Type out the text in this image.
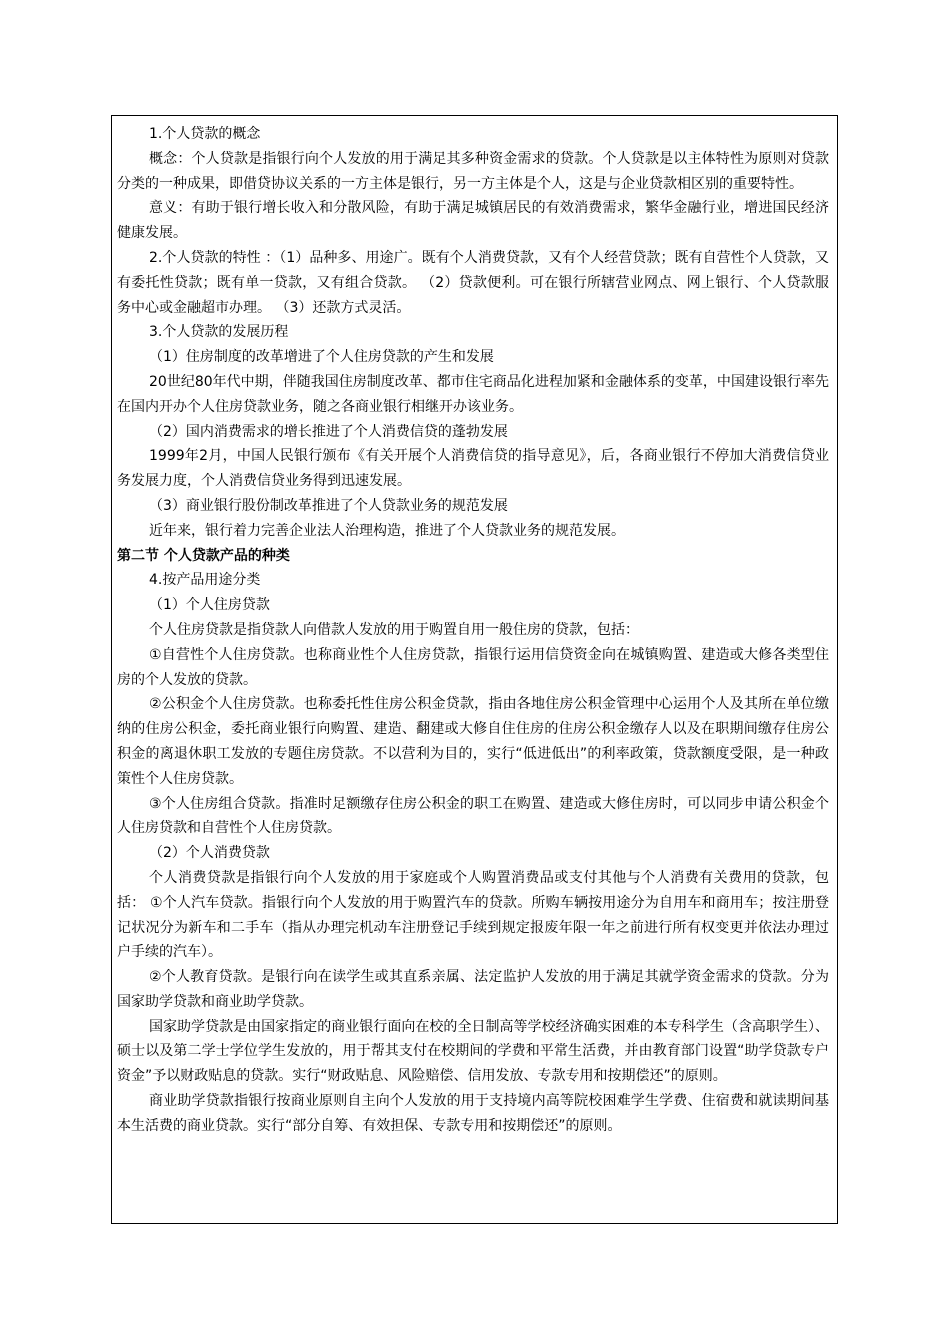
1.个人贷款的概念

概念：个人贷款是指银行向个人发放的用于满足其多种资金需求的贷款。个人贷款是以主体特性为原则对贷款分类的一种成果，即借贷协议关系的一方主体是银行，另一方主体是个人，这是与企业贷款相区别的重要特性。

意义：有助于银行增长收入和分散风险，有助于满足城镇居民的有效消费需求，繁华金融行业，增进国民经济健康发展。

2.个人贷款的特性 ：（1）品种多、用途广。既有个人消费贷款，又有个人经营贷款；既有自营性个人贷款，又有委托性贷款；既有单一贷款，又有组合贷款。 （2）贷款便利。可在银行所辖营业网点、网上银行、个人贷款服务中心或金融超市办理。 （3）还款方式灵活。

3.个人贷款的发展历程

（1）住房制度的改革增进了个人住房贷款的产生和发展

20世纪80年代中期，伴随我国住房制度改革、都市住宅商品化进程加紧和金融体系的变革，中国建设银行率先在国内开办个人住房贷款业务，随之各商业银行相继开办该业务。

（2）国内消费需求的增长推进了个人消费信贷的蓬勃发展

1999年2月，中国人民银行颁布《有关开展个人消费信贷的指导意见》，后，各商业银行不停加大消费信贷业务发展力度，个人消费信贷业务得到迅速发展。

（3）商业银行股份制改革推进了个人贷款业务的规范发展

近年来，银行着力完善企业法人治理构造，推进了个人贷款业务的规范发展。

第二节 个人贷款产品的种类

4.按产品用途分类

（1）个人住房贷款

个人住房贷款是指贷款人向借款人发放的用于购置自用一般住房的贷款，包括：

①自营性个人住房贷款。也称商业性个人住房贷款，指银行运用信贷资金向在城镇购置、建造或大修各类型住房的个人发放的贷款。

②公积金个人住房贷款。也称委托性住房公积金贷款，指由各地住房公积金管理中心运用个人及其所在单位缴纳的住房公积金，委托商业银行向购置、建造、翻建或大修自住住房的住房公积金缴存人以及在职期间缴存住房公积金的离退休职工发放的专题住房贷款。不以营利为目的，实行“低进低出”的利率政策，贷款额度受限，是一种政策性个人住房贷款。

③个人住房组合贷款。指准时足额缴存住房公积金的职工在购置、建造或大修住房时，可以同步申请公积金个人住房贷款和自营性个人住房贷款。

（2）个人消费贷款

个人消费贷款是指银行向个人发放的用于家庭或个人购置消费品或支付其他与个人消费有关费用的贷款，包括： ①个人汽车贷款。指银行向个人发放的用于购置汽车的贷款。所购车辆按用途分为自用车和商用车；按注册登记状况分为新车和二手车（指从办理完机动车注册登记手续到规定报废年限一年之前进行所有权变更并依法办理过户手续的汽车）。

②个人教育贷款。是银行向在读学生或其直系亲属、法定监护人发放的用于满足其就学资金需求的贷款。分为国家助学贷款和商业助学贷款。

国家助学贷款是由国家指定的商业银行面向在校的全日制高等学校经济确实困难的本专科学生（含高职学生）、硕士以及第二学士学位学生发放的，用于帮其支付在校期间的学费和平常生活费，并由教育部门设置“助学贷款专户资金”予以财政贴息的贷款。实行“财政贴息、风险赔偿、信用发放、专款专用和按期偿还”的原则。

商业助学贷款指银行按商业原则自主向个人发放的用于支持境内高等院校困难学生学费、住宿费和就读期间基本生活费的商业贷款。实行“部分自筹、有效担保、专款专用和按期偿还”的原则。
